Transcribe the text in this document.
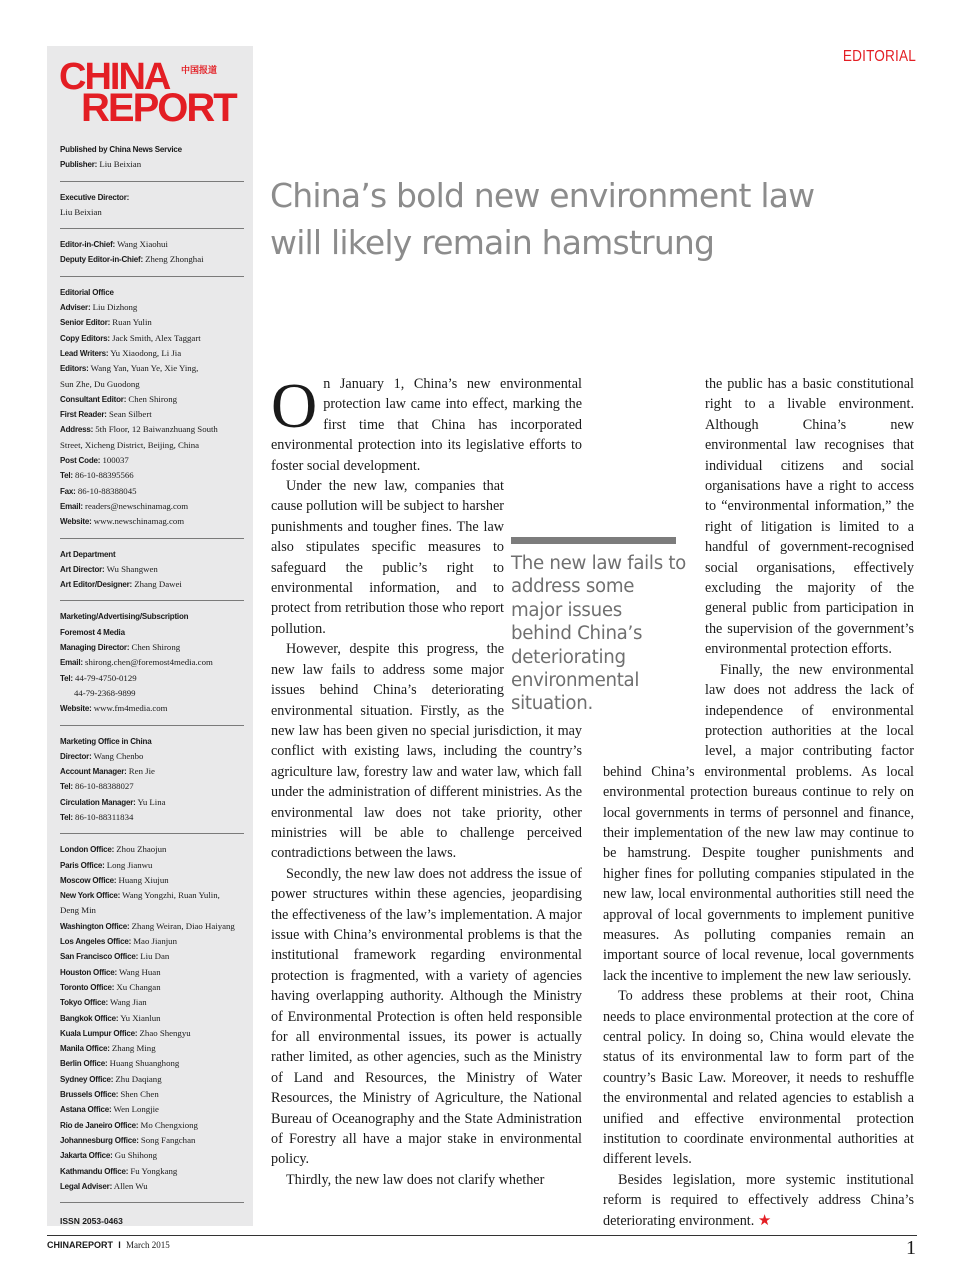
CHINA 中国报道
REPORT
Published by China News Service
Publisher: Liu Beixian
Executive Director:
Liu Beixian
Editor-in-Chief: Wang Xiaohui
Deputy Editor-in-Chief: Zheng Zhonghai
Editorial Office
Adviser: Liu Dizhong
Senior Editor: Ruan Yulin
Copy Editors: Jack Smith, Alex Taggart
Lead Writers: Yu Xiaodong, Li Jia
Editors: Wang Yan, Yuan Ye, Xie Ying,
Sun Zhe, Du Guodong
Consultant Editor: Chen Shirong
First Reader: Sean Silbert
Address: 5th Floor, 12 Baiwanzhuang South
Street, Xicheng District, Beijing, China
Post Code: 100037
Tel: 86-10-88395566
Fax: 86-10-88388045
Email: readers@newschinamag.com
Website: www.newschinamag.com
Art Department
Art Director: Wu Shangwen
Art Editor/Designer: Zhang Dawei
Marketing/Advertising/Subscription
Foremost 4 Media
Managing Director: Chen Shirong
Email: shirong.chen@foremost4media.com
Tel: 44-79-4750-0129
44-79-2368-9899
Website: www.fm4media.com
Marketing Office in China
Director: Wang Chenbo
Account Manager: Ren Jie
Tel: 86-10-88388027
Circulation Manager: Yu Lina
Tel: 86-10-88311834
London Office: Zhou Zhaojun
Paris Office: Long Jianwu
Moscow Office: Huang Xiujun
New York Office: Wang Yongzhi, Ruan Yulin,
Deng Min
Washington Office: Zhang Weiran, Diao Haiyang
Los Angeles Office: Mao Jianjun
San Francisco Office: Liu Dan
Houston Office: Wang Huan
Toronto Office: Xu Changan
Tokyo Office: Wang Jian
Bangkok Office: Yu Xianlun
Kuala Lumpur Office: Zhao Shengyu
Manila Office: Zhang Ming
Berlin Office: Huang Shuanghong
Sydney Office: Zhu Daqiang
Brussels Office: Shen Chen
Astana Office: Wen Longjie
Rio de Janeiro Office: Mo Chengxiong
Johannesburg Office: Song Fangchan
Jakarta Office: Gu Shihong
Kathmandu Office: Fu Yongkang
Legal Adviser: Allen Wu
ISSN 2053-0463
EDITORIAL
China’s bold new environment law will likely remain hamstrung

On January 1, China’s new environmental protection law came into effect, marking the first time that China has incorporated environmental protection into its legislative efforts to foster social development.

Under the new law, companies that cause pollution will be subject to harsher punishments and tougher fines. The law also stipulates specific measures to safeguard the public’s right to environmental information, and to protect from retribution those who report pollution.

However, despite this progress, the new law fails to address some major issues behind China’s deteriorating environmental situation. Firstly, as the new law has been given no special jurisdiction, it may conflict with existing laws, including the country’s agriculture law, forestry law and water law, which fall under the administration of different ministries. As the environmental law does not take priority, other ministries will be able to challenge perceived contradictions between the laws.

Secondly, the new law does not address the issue of power structures within these agencies, jeopardising the effectiveness of the law’s implementation. A major issue with China’s environmental problems is that the institutional framework regarding environmental protection is fragmented, with a variety of agencies having overlapping authority. Although the Ministry of Environmental Protection is often held responsible for all environmental issues, its power is actually rather limited, as other agencies, such as the Ministry of Land and Resources, the Ministry of Water Resources, the Ministry of Agriculture, the National Bureau of Oceanography and the State Administration of Forestry all have a major stake in environmental policy.

Thirdly, the new law does not clarify whether

the public has a basic constitutional right to a livable environment. Although China’s new environmental law recognises that individual citizens and social organisations have a right to access to “environmental information,” the right of litigation is limited to a handful of government-recognised social organisations, effectively excluding the majority of the general public from participation in the supervision of the government’s environmental protection efforts.

Finally, the new environmental law does not address the lack of independence of environmental protection authorities at the local level, a major contributing factor behind China’s environmental problems. As local environmental protection bureaus continue to rely on local governments in terms of personnel and finance, their implementation of the new law may continue to be hamstrung. Despite tougher punishments and higher fines for polluting companies stipulated in the new law, local environmental authorities still need the approval of local governments to implement punitive measures. As polluting companies remain an important source of local revenue, local governments lack the incentive to implement the new law seriously.

To address these problems at their root, China needs to place environmental protection at the core of central policy. In doing so, China would elevate the status of its environmental law to form part of the country’s Basic Law. Moreover, it needs to reshuffle the environmental and related agencies to establish a unified and effective environmental protection institution to coordinate environmental authorities at different levels.

Besides legislation, more systemic institutional reform is required to effectively address China’s deteriorating environment. ★

The new law fails to address some major issues behind China’s deteriorating environmental situation.
CHINAREPORT I March 2015	1
